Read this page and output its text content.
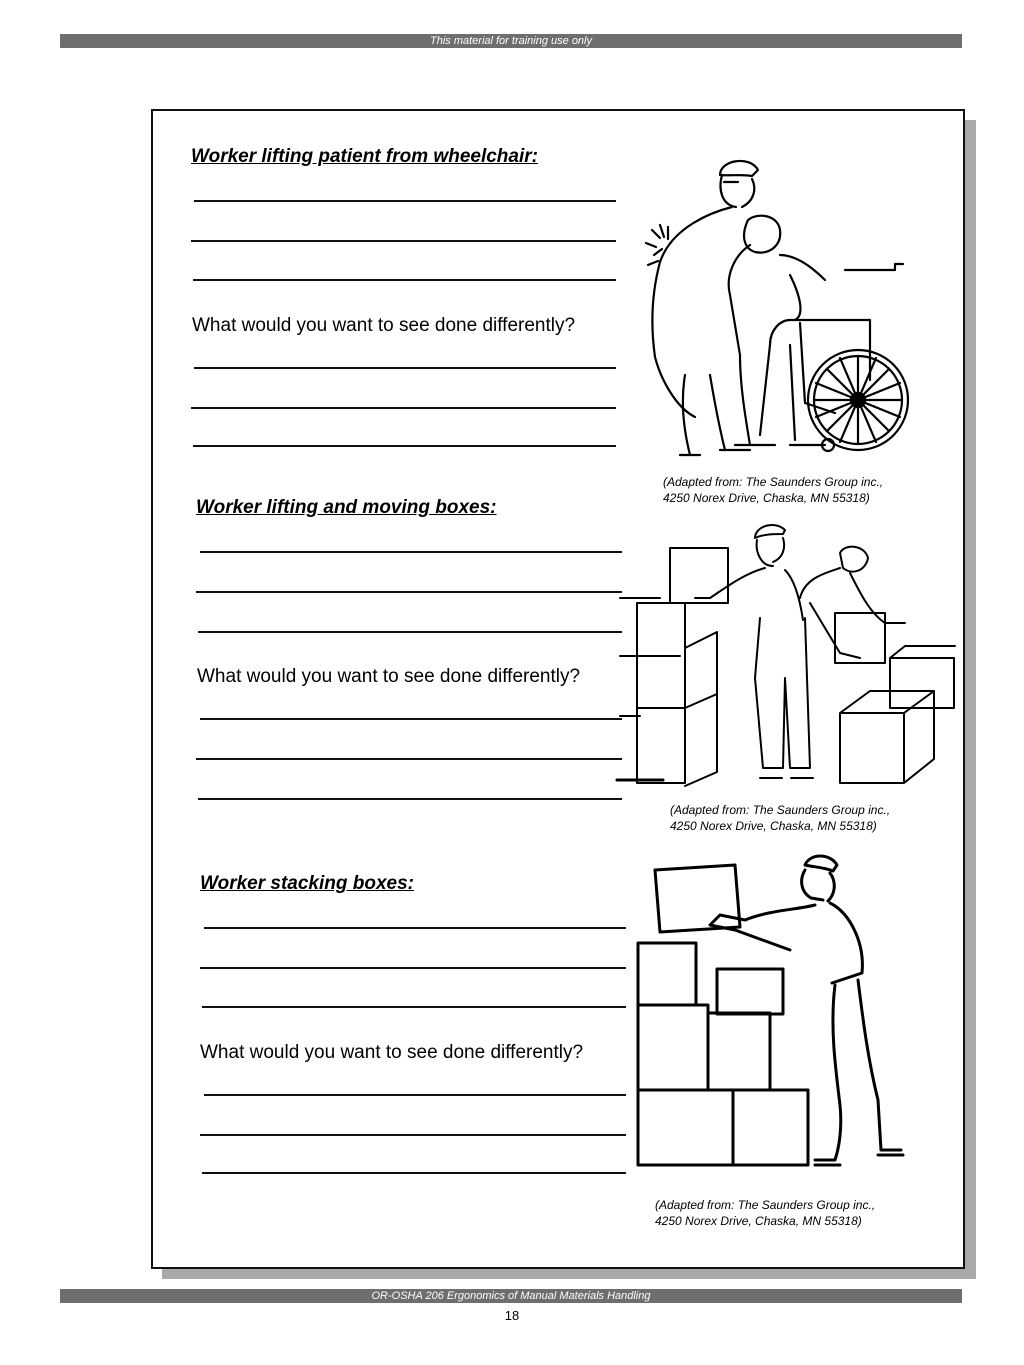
This material for training use only
Worker lifting patient from wheelchair:
What would you want to see done differently?
(Adapted from: The Saunders Group inc.,
4250 Norex Drive, Chaska, MN 55318)
Worker lifting and moving boxes:
What would you want to see done differently?
(Adapted from: The Saunders Group inc.,
4250 Norex Drive, Chaska, MN 55318)
Worker stacking boxes:
What would you want to see done differently?
(Adapted from: The Saunders Group inc.,
4250 Norex Drive, Chaska, MN 55318)
OR-OSHA 206 Ergonomics of Manual Materials Handling
18
